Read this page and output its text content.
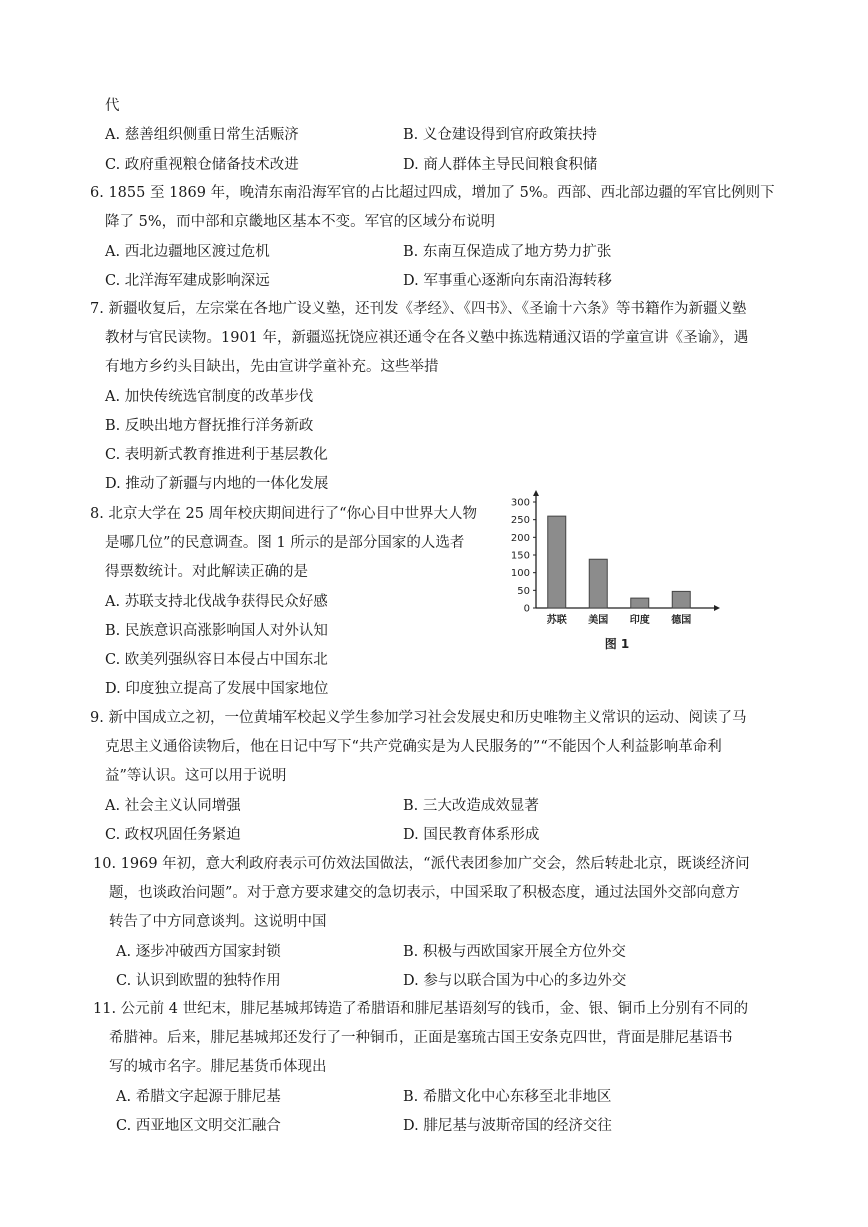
代
A. 慈善组织侧重日常生活赈济	B. 义仓建设得到官府政策扶持
C. 政府重视粮仓储备技术改进	D. 商人群体主导民间粮食积储
6. 1855 至 1869 年，晚清东南沿海军官的占比超过四成，增加了 5%。西部、西北部边疆的军官比例则下
降了 5%，而中部和京畿地区基本不变。军官的区域分布说明
A. 西北边疆地区渡过危机	B. 东南互保造成了地方势力扩张
C. 北洋海军建成影响深远	D. 军事重心逐渐向东南沿海转移
7. 新疆收复后，左宗棠在各地广设义塾，还刊发《孝经》、《四书》、《圣谕十六条》等书籍作为新疆义塾
教材与官民读物。1901 年，新疆巡抚饶应祺还通令在各义塾中拣选精通汉语的学童宣讲《圣谕》，遇
有地方乡约头目缺出，先由宣讲学童补充。这些举措
A. 加快传统选官制度的改革步伐
B. 反映出地方督抚推行洋务新政
C. 表明新式教育推进利于基层教化
D. 推动了新疆与内地的一体化发展
8. 北京大学在 25 周年校庆期间进行了“你心目中世界大人物
是哪几位”的民意调查。图 1 所示的是部分国家的人选者
得票数统计。对此解读正确的是
A. 苏联支持北伐战争获得民众好感
B. 民族意识高涨影响国人对外认知
C. 欧美列强纵容日本侵占中国东北
D. 印度独立提高了发展中国家地位
0
50
100
150
200
250
300
苏联 美国 印度 德国
图 1
9. 新中国成立之初，一位黄埔军校起义学生参加学习社会发展史和历史唯物主义常识的运动、阅读了马
克思主义通俗读物后，他在日记中写下“共产党确实是为人民服务的”“不能因个人利益影响革命利
益”等认识。这可以用于说明
A. 社会主义认同增强	B. 三大改造成效显著
C. 政权巩固任务紧迫	D. 国民教育体系形成
10. 1969 年初，意大利政府表示可仿效法国做法，“派代表团参加广交会，然后转赴北京，既谈经济问
题，也谈政治问题”。对于意方要求建交的急切表示，中国采取了积极态度，通过法国外交部向意方
转告了中方同意谈判。这说明中国
A. 逐步冲破西方国家封锁	B. 积极与西欧国家开展全方位外交
C. 认识到欧盟的独特作用	D. 参与以联合国为中心的多边外交
11. 公元前 4 世纪末，腓尼基城邦铸造了希腊语和腓尼基语刻写的钱币，金、银、铜币上分别有不同的
希腊神。后来，腓尼基城邦还发行了一种铜币，正面是塞琉古国王安条克四世，背面是腓尼基语书
写的城市名字。腓尼基货币体现出
A. 希腊文字起源于腓尼基	B. 希腊文化中心东移至北非地区
C. 西亚地区文明交汇融合	D. 腓尼基与波斯帝国的经济交往
